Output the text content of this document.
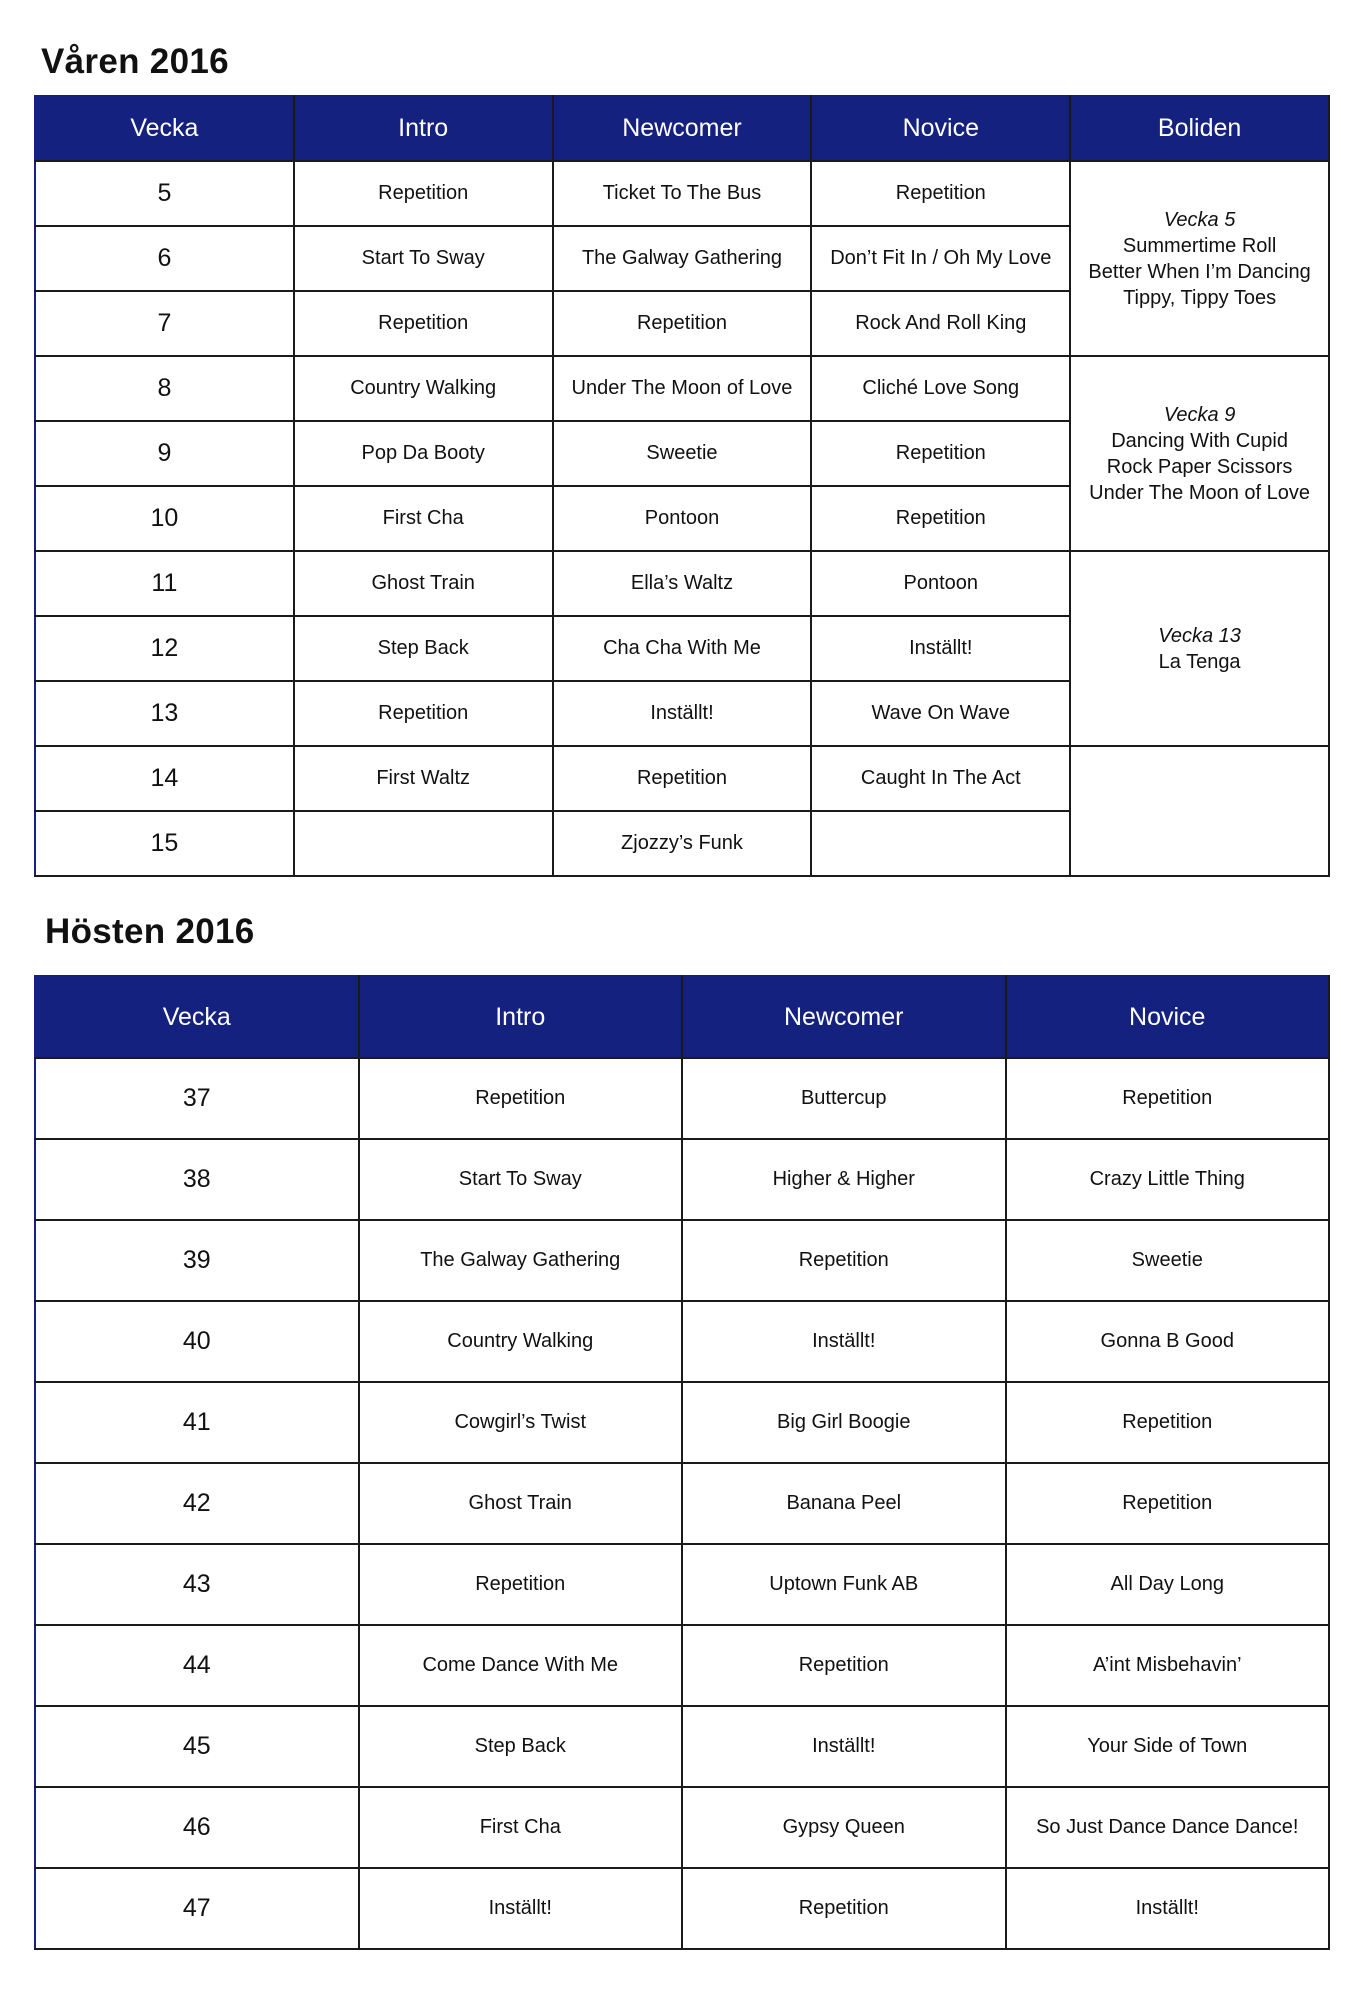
Våren 2016
Vecka	Intro	Newcomer	Novice	Boliden
5	Repetition	Ticket To The Bus	Repetition	Vecka 5
Summertime Roll
Better When I’m Dancing
Tippy, Tippy Toes

6	Start To Sway	The Galway Gathering	Don’t Fit In / Oh My Love	
7	Repetition	Repetition	Rock And Roll King	
8	Country Walking	Under The Moon of Love	Cliché Love Song	Vecka 9
Dancing With Cupid
Rock Paper Scissors
Under The Moon of Love

9	Pop Da Booty	Sweetie	Repetition	
10	First Cha	Pontoon	Repetition	
11	Ghost Train	Ella’s Waltz	Pontoon	Vecka 13
La Tenga

12	Step Back	Cha Cha With Me	Inställt!	
13	Repetition	Inställt!	Wave On Wave	
14	First Waltz	Repetition	Caught In The Act	
15		Zjozzy’s Funk		
Hösten 2016
Vecka	Intro	Newcomer	Novice
37	Repetition	Buttercup	Repetition
38	Start To Sway	Higher & Higher	Crazy Little Thing
39	The Galway Gathering	Repetition	Sweetie
40	Country Walking	Inställt!	Gonna B Good
41	Cowgirl’s Twist	Big Girl Boogie	Repetition
42	Ghost Train	Banana Peel	Repetition
43	Repetition	Uptown Funk AB	All Day Long
44	Come Dance With Me	Repetition	A’int Misbehavin’
45	Step Back	Inställt!	Your Side of Town
46	First Cha	Gypsy Queen	So Just Dance Dance Dance!
47	Inställt!	Repetition	Inställt!
